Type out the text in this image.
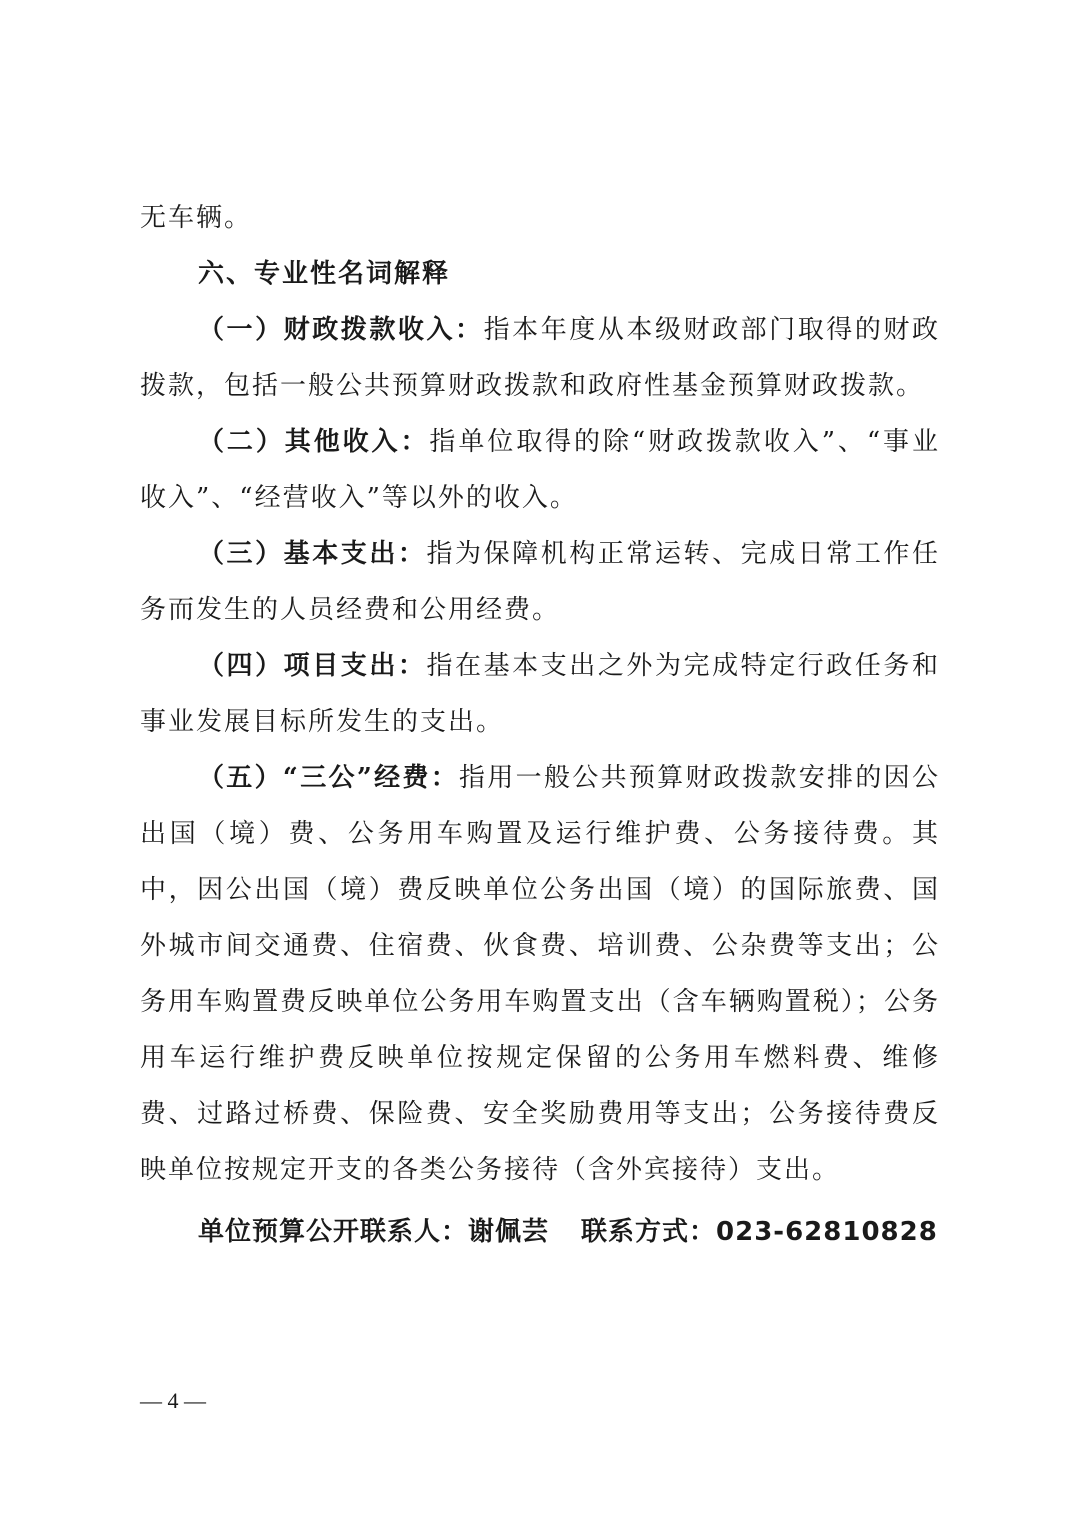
无车辆。

六、专业性名词解释

（一）财政拨款收入：指本年度从本级财政部门取得的财政拨款，包括一般公共预算财政拨款和政府性基金预算财政拨款。

（二）其他收入：指单位取得的除“财政拨款收入”、“事业收入”、“经营收入”等以外的收入。

（三）基本支出：指为保障机构正常运转、完成日常工作任务而发生的人员经费和公用经费。

（四）项目支出：指在基本支出之外为完成特定行政任务和事业发展目标所发生的支出。

（五）“三公”经费：指用一般公共预算财政拨款安排的因公出国（境）费、公务用车购置及运行维护费、公务接待费。其中，因公出国（境）费反映单位公务出国（境）的国际旅费、国外城市间交通费、住宿费、伙食费、培训费、公杂费等支出；公务用车购置费反映单位公务用车购置支出（含车辆购置税）；公务用车运行维护费反映单位按规定保留的公务用车燃料费、维修费、过路过桥费、保险费、安全奖励费用等支出；公务接待费反映单位按规定开支的各类公务接待（含外宾接待）支出。

单位预算公开联系人：谢佩芸 联系方式：023-62810828

— 4 —
